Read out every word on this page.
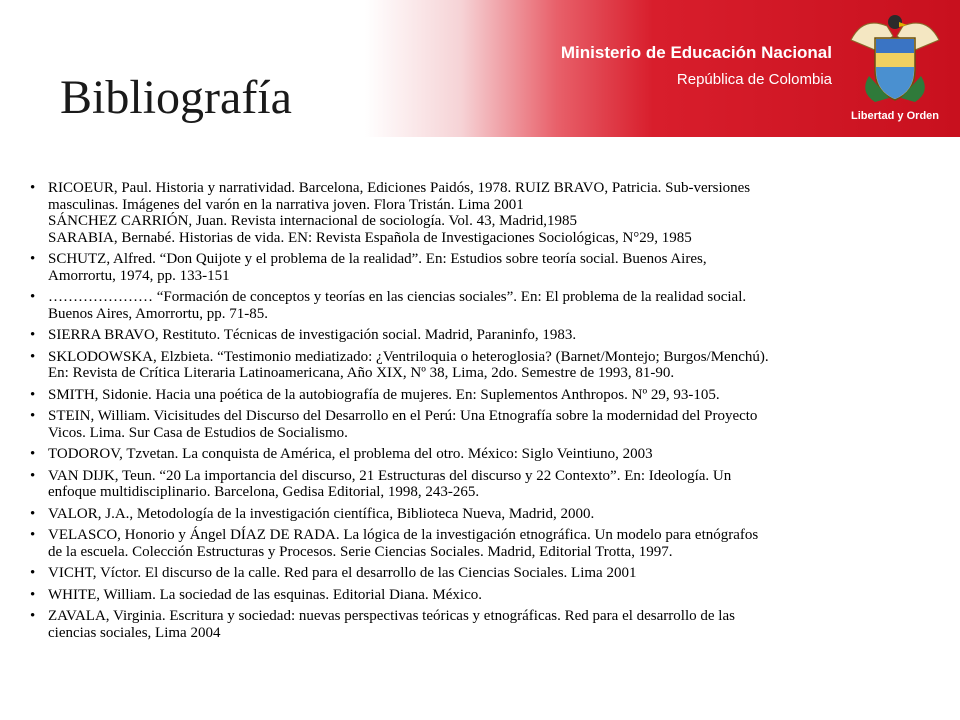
Ministerio de Educación Nacional
República de Colombia
Bibliografía	Libertad y Orden
• RICOEUR, Paul. Historia y narratividad. Barcelona, Ediciones Paidós, 1978. RUIZ BRAVO, Patricia. Sub-versiones
masculinas. Imágenes del varón en la narrativa joven. Flora Tristán. Lima 2001
SÁNCHEZ CARRIÓN, Juan. Revista internacional de sociología. Vol. 43, Madrid,1985
SARABIA, Bernabé. Historias de vida. EN: Revista Española de Investigaciones Sociológicas, N°29, 1985
• SCHUTZ, Alfred. “Don Quijote y el problema de la realidad”. En: Estudios sobre teoría social. Buenos Aires,
Amorrortu, 1974, pp. 133-151
• ………………… “Formación de conceptos y teorías en las ciencias sociales”. En: El problema de la realidad social.
Buenos Aires, Amorrortu, pp. 71-85.
• SIERRA BRAVO, Restituto. Técnicas de investigación social. Madrid, Paraninfo, 1983.
• SKLODOWSKA, Elzbieta. “Testimonio mediatizado: ¿Ventriloquia o heteroglosia? (Barnet/Montejo; Burgos/Menchú).
En: Revista de Crítica Literaria Latinoamericana, Año XIX, Nº 38, Lima, 2do. Semestre de 1993, 81-90.
• SMITH, Sidonie. Hacia una poética de la autobiografía de mujeres. En: Suplementos Anthropos. Nº 29, 93-105.
• STEIN, William. Vicisitudes del Discurso del Desarrollo en el Perú: Una Etnografía sobre la modernidad del Proyecto
Vicos. Lima. Sur Casa de Estudios de Socialismo.
• TODOROV, Tzvetan. La conquista de América, el problema del otro. México: Siglo Veintiuno, 2003
• VAN DIJK, Teun. “20 La importancia del discurso, 21 Estructuras del discurso y 22 Contexto”. En: Ideología. Un
enfoque multidisciplinario. Barcelona, Gedisa Editorial, 1998, 243-265.
• VALOR, J.A., Metodología de la investigación científica, Biblioteca Nueva, Madrid, 2000.
• VELASCO, Honorio y Ángel DÍAZ DE RADA. La lógica de la investigación etnográfica. Un modelo para etnógrafos
de la escuela. Colección Estructuras y Procesos. Serie Ciencias Sociales. Madrid, Editorial Trotta, 1997.
• VICHT, Víctor. El discurso de la calle. Red para el desarrollo de las Ciencias Sociales. Lima 2001
• WHITE, William. La sociedad de las esquinas. Editorial Diana. México.
• ZAVALA, Virginia. Escritura y sociedad: nuevas perspectivas teóricas y etnográficas. Red para el desarrollo de las
ciencias sociales, Lima 2004
